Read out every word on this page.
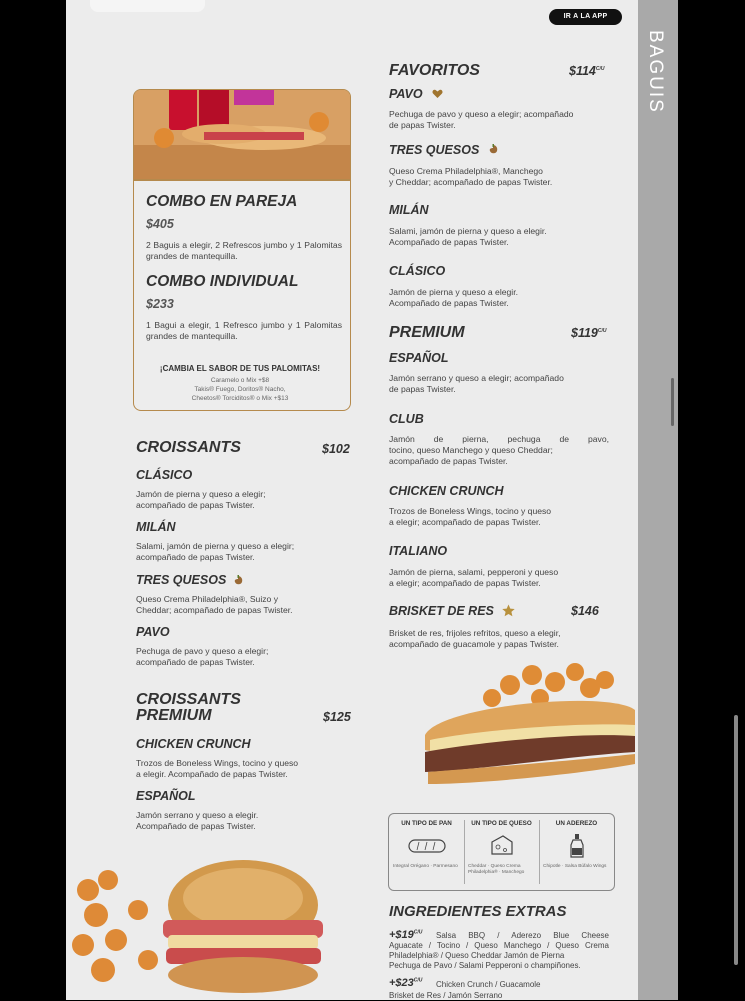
IR A LA APP
COMBO EN PAREJA
$405
2 Baguis a elegir, 2 Refrescos jumbo y 1 Palomitas grandes de mantequilla.
COMBO INDIVIDUAL
$233
1 Bagui a elegir, 1 Refresco jumbo y 1 Palomitas grandes de mantequilla.
¡CAMBIA EL SABOR DE TUS PALOMITAS!
Caramelo o Mix +$8
Takis® Fuego, Doritos® Nacho,
Cheetos® Torciditos® o Mix +$13
CROISSANTS	$102
CLÁSICO
Jamón de pierna y queso a elegir;
acompañado de papas Twister.
MILÁN
Salami, jamón de pierna y queso a elegir;
acompañado de papas Twister.
TRES QUESOS
Queso Crema Philadelphia®, Suizo y
Cheddar; acompañado de papas Twister.
PAVO
Pechuga de pavo y queso a elegir;
acompañado de papas Twister.
CROISSANTS
PREMIUM	$125
CHICKEN CRUNCH
Trozos de Boneless Wings, tocino y queso
a elegir. Acompañado de papas Twister.
ESPAÑOL
Jamón serrano y queso a elegir.
Acompañado de papas Twister.
FAVORITOS	$\$114^{C/U}$
PAVO
Pechuga de pavo y queso a elegir; acompañado
de papas Twister.
TRES QUESOS
Queso Crema Philadelphia®, Manchego
y Cheddar; acompañado de papas Twister.
MILÁN
Salami, jamón de pierna y queso a elegir.
Acompañado de papas Twister.
CLÁSICO
Jamón de pierna y queso a elegir.
Acompañado de papas Twister.
PREMIUM	$\$119^{C/U}$
ESPAÑOL
Jamón serrano y queso a elegir; acompañado
de papas Twister.
CLUB
Jamón de pierna, pechuga de pavo,
tocino, queso Manchego y queso Cheddar;
acompañado de papas Twister.
CHICKEN CRUNCH
Trozos de Boneless Wings, tocino y queso
a elegir; acompañado de papas Twister.
ITALIANO
Jamón de pierna, salami, pepperoni y queso
a elegir; acompañado de papas Twister.
BRISKET DE RES	$146
Brisket de res, frijoles refritos, queso a elegir,
acompañado de guacamole y papas Twister.
UN TIPO DE PAN
Integral Orégano · Parmesano
UN TIPO DE QUESO
Cheddar · Queso Crema Philadelphia® · Manchego
UN ADEREZO
Chipotle · Salsa Búfalo Wings
INGREDIENTES EXTRAS
$+\$19^{C/U}$ Salsa BBQ / Aderezo Blue Cheese
Aguacate / Tocino / Queso Manchego / Queso Crema
Philadelphia® / Queso Cheddar Jamón de Pierna
Pechuga de Pavo / Salami Pepperoni o champiñones.
$+\$23^{C/U}$ Chicken Crunch / Guacamole
Brisket de Res / Jamón Serrano
BAGUIS
